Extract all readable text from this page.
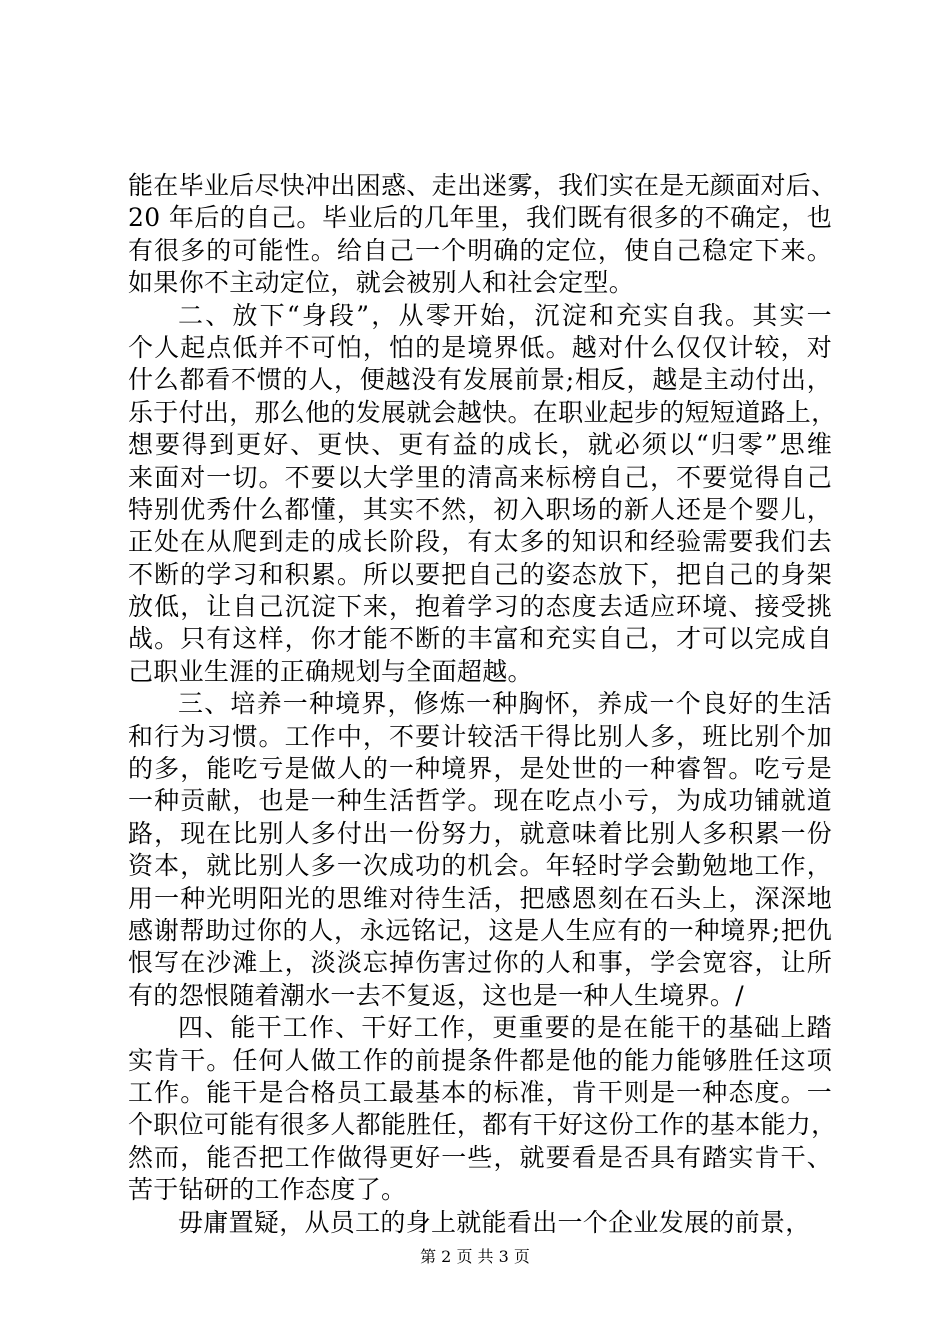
能在毕业后尽快冲出困惑、走出迷雾，我们实在是无颜面对后、
20 年后的自己。毕业后的几年里，我们既有很多的不确定，也
有很多的可能性。给自己一个明确的定位，使自己稳定下来。
如果你不主动定位，就会被别人和社会定型。
二、放下“身段”，从零开始，沉淀和充实自我。其实一
个人起点低并不可怕，怕的是境界低。越对什么仅仅计较，对
什么都看不惯的人，便越没有发展前景;相反，越是主动付出，
乐于付出，那么他的发展就会越快。在职业起步的短短道路上，
想要得到更好、更快、更有益的成长，就必须以“归零”思维
来面对一切。不要以大学里的清高来标榜自己，不要觉得自己
特别优秀什么都懂，其实不然，初入职场的新人还是个婴儿，
正处在从爬到走的成长阶段，有太多的知识和经验需要我们去
不断的学习和积累。所以要把自己的姿态放下，把自己的身架
放低，让自己沉淀下来，抱着学习的态度去适应环境、接受挑
战。只有这样，你才能不断的丰富和充实自己，才可以完成自
己职业生涯的正确规划与全面超越。
三、培养一种境界，修炼一种胸怀，养成一个良好的生活
和行为习惯。工作中，不要计较活干得比别人多，班比别个加
的多，能吃亏是做人的一种境界，是处世的一种睿智。吃亏是
一种贡献，也是一种生活哲学。现在吃点小亏，为成功铺就道
路，现在比别人多付出一份努力，就意味着比别人多积累一份
资本，就比别人多一次成功的机会。年轻时学会勤勉地工作，
用一种光明阳光的思维对待生活，把感恩刻在石头上，深深地
感谢帮助过你的人，永远铭记，这是人生应有的一种境界;把仇
恨写在沙滩上，淡淡忘掉伤害过你的人和事，学会宽容，让所
有的怨恨随着潮水一去不复返，这也是一种人生境界。/
四、能干工作、干好工作，更重要的是在能干的基础上踏
实肯干。任何人做工作的前提条件都是他的能力能够胜任这项
工作。能干是合格员工最基本的标准，肯干则是一种态度。一
个职位可能有很多人都能胜任，都有干好这份工作的基本能力，
然而，能否把工作做得更好一些，就要看是否具有踏实肯干、
苦于钻研的工作态度了。
毋庸置疑，从员工的身上就能看出一个企业发展的前景，
第 2 页 共 3 页
